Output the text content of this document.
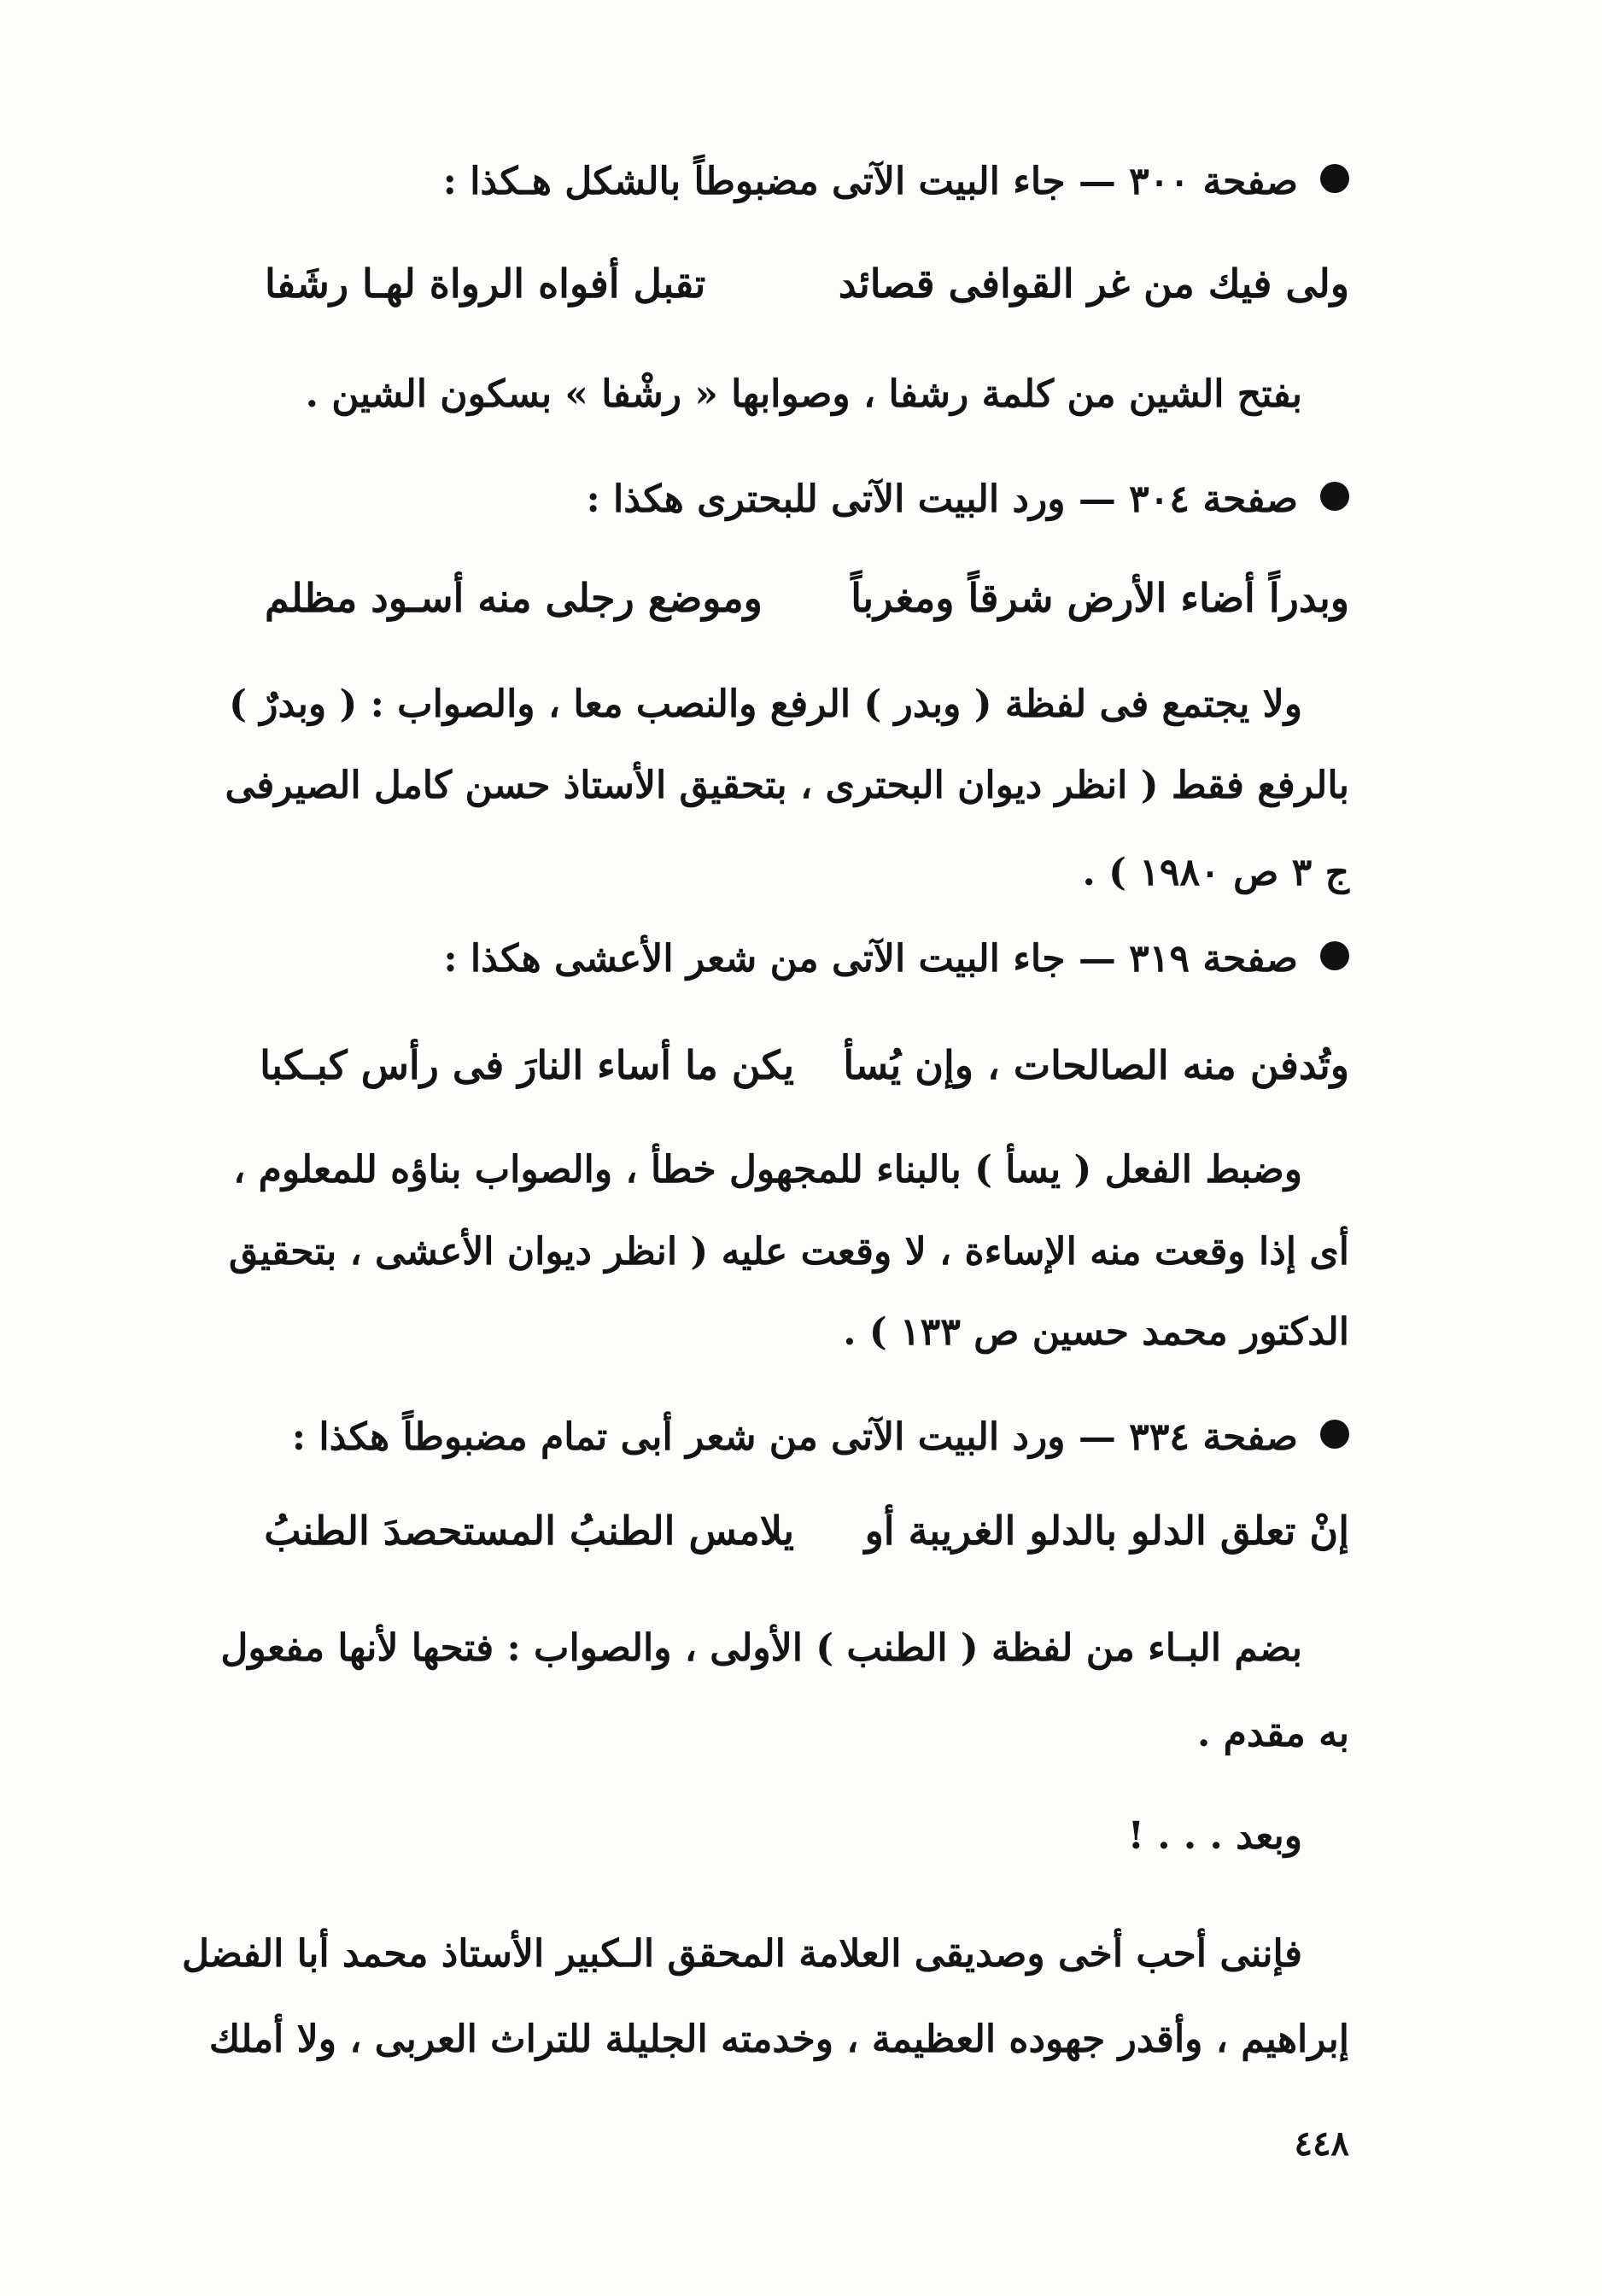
صفحة ٣٠٠ — جاء البيت الآتى مضبوطاً بالشكل هـكذا :
ولى فيك من غر القوافى قصائد
تقبل أفواه الرواة لهـا رشَفا
بفتح الشين من كلمة رشفا ، وصوابها « رشْفا » بسكون الشين .
صفحة ٣٠٤ — ورد البيت الآتى للبحترى هكذا :
وبدراً أضاء الأرض شرقاً ومغرباً
وموضع رجلى منه أسـود مظلم
ولا يجتمع فى لفظة ( وبدر ) الرفع والنصب معا ، والصواب : ( وبدرٌ )
بالرفع فقط ( انظر ديوان البحترى ، بتحقيق الأستاذ حسن كامل الصيرفى
ج ٣ ص ١٩٨٠ ) .
صفحة ٣١٩ — جاء البيت الآتى من شعر الأعشى هكذا :
وتُدفن منه الصالحات ، وإن يُسأ
يكن ما أساء النارَ فى رأس كبـكبا
وضبط الفعل ( يسأ ) بالبناء للمجهول خطأ ، والصواب بناؤه للمعلوم ،
أى إذا وقعت منه الإساءة ، لا وقعت عليه ( انظر ديوان الأعشى ، بتحقيق
الدكتور محمد حسين ص ١٣٣ ) .
صفحة ٣٣٤ — ورد البيت الآتى من شعر أبى تمام مضبوطاً هكذا :
إنْ تعلق الدلو بالدلو الغريبة أو
يلامس الطنبُ المستحصدَ الطنبُ
بضم البـاء من لفظة ( الطنب ) الأولى ، والصواب : فتحها لأنها مفعول
به مقدم .
وبعد . . . !
فإننى أحب أخى وصديقى العلامة المحقق الـكبير الأستاذ محمد أبا الفضل
إبراهيم ، وأقدر جهوده العظيمة ، وخدمته الجليلة للتراث العربى ، ولا أملك
٤٤٨
